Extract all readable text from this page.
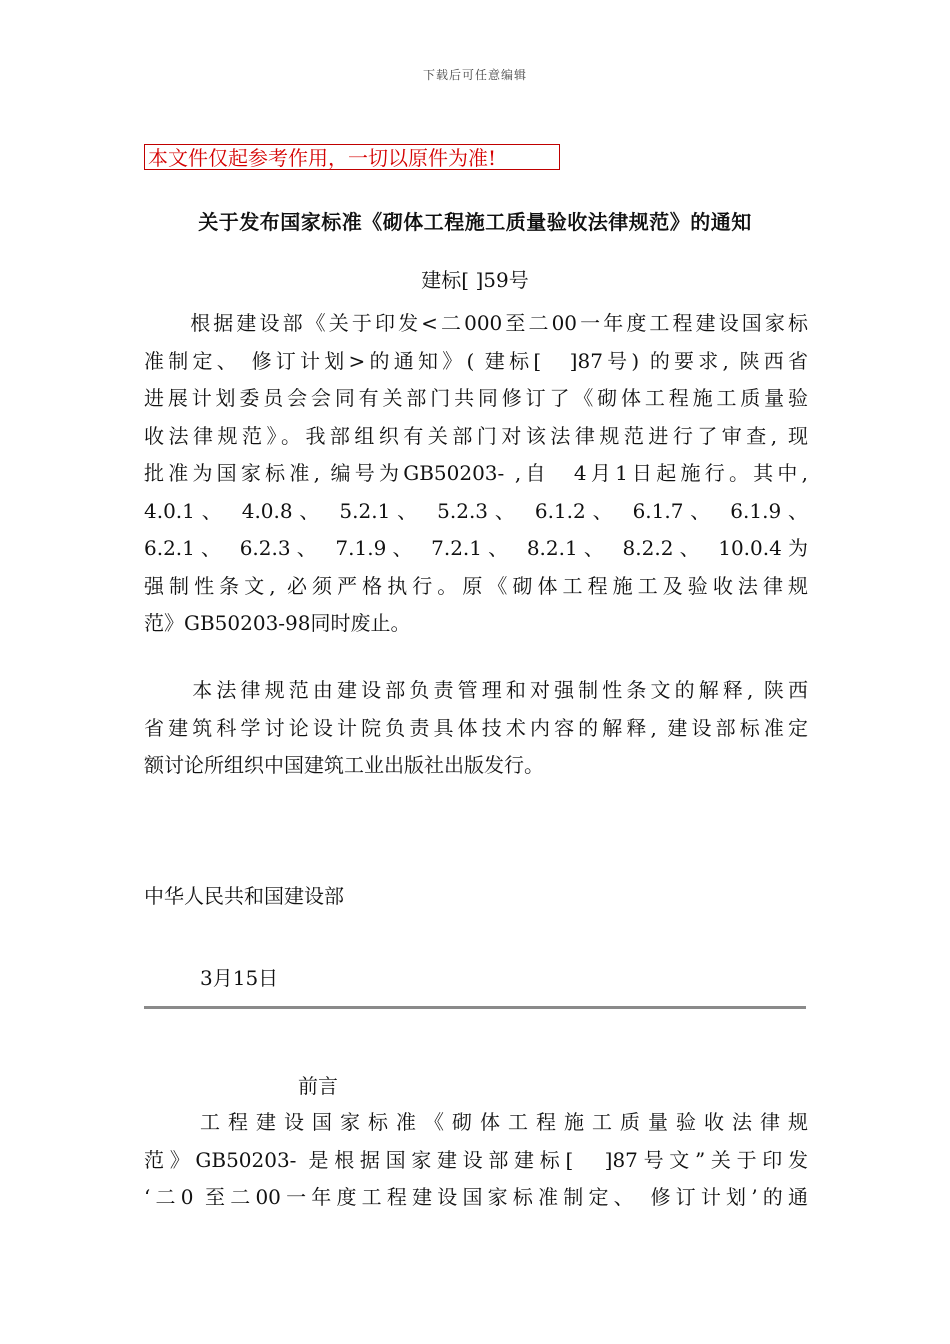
下载后可任意编辑
本文件仅起参考作用，一切以原件为准!
关于发布国家标准《砌体工程施工质量验收法律规范》的通知
建标[ ]59号
　　根据建设部《关于印发<二000至二00一年度工程建设国家标
准制定、 修订计划>的通知》( 建标[　]87号) 的要求, 陕西省
进展计划委员会会同有关部门共同修订了《砌体工程施工质量验
收法律规范》。我部组织有关部门对该法律规范进行了审查, 现
批准为国家标准, 编号为GB50203- ,自　4月1日起施行。其中,
4.0.1、 4.0.8、 5.2.1、 5.2.3、 6.1.2、 6.1.7、 6.1.9、
6.2.1、 6.2.3、 7.1.9、 7.2.1、 8.2.1、 8.2.2、 10.0.4为
强制性条文, 必须严格执行。原《砌体工程施工及验收法律规
范》GB50203-98同时废止。
　　本法律规范由建设部负责管理和对强制性条文的解释, 陕西
省建筑科学讨论设计院负责具体技术内容的解释, 建设部标准定
额讨论所组织中国建筑工业出版社出版发行。
中华人民共和国建设部
3月15日
前言
　　工程建设国家标准《砌体工程施工质量验收法律规
范》GB50203- 是根据国家建设部建标[　]87号文”关于印发
‘二0 至二00一年度工程建设国家标准制定、 修订计划’的通
